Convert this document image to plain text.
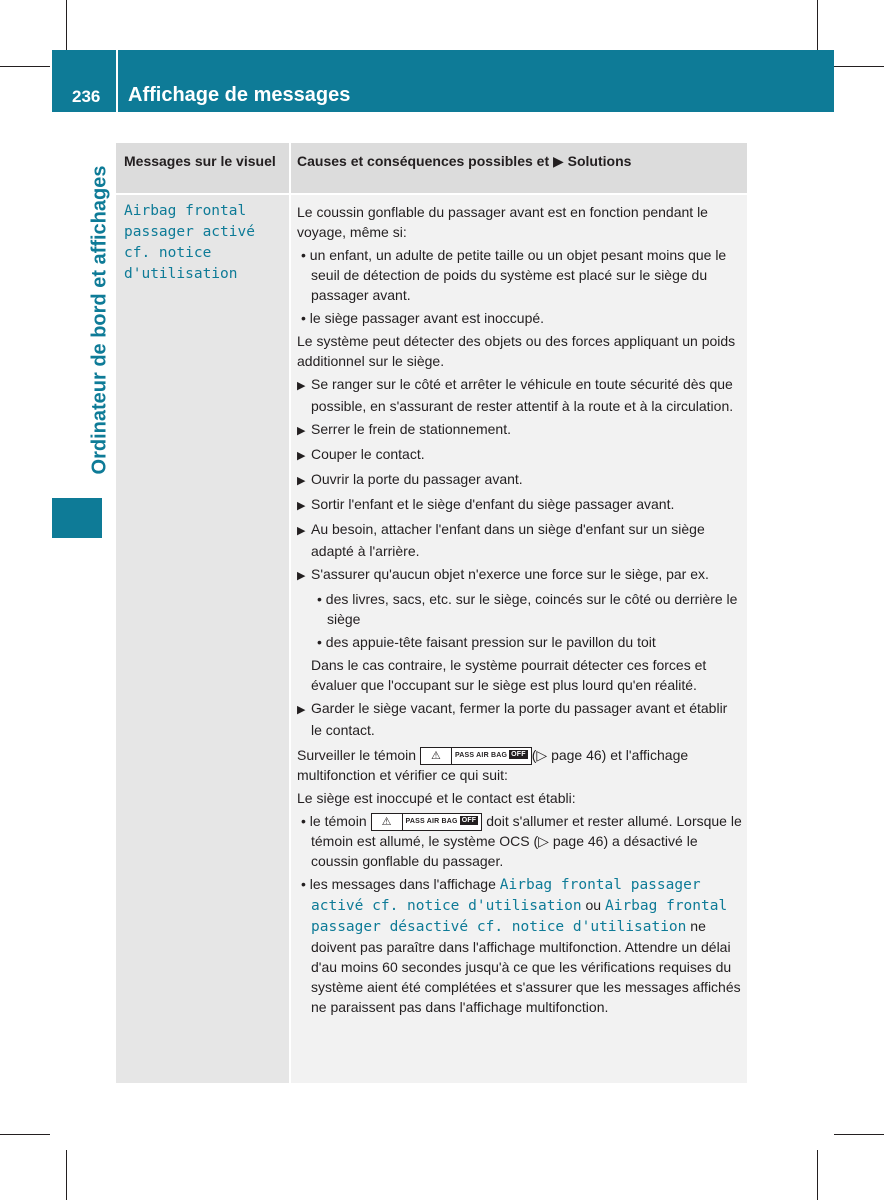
236 Affichage de messages
Ordinateur de bord et affichages
Messages sur le visuel	Causes et conséquences possibles et ▶ Solutions
Airbag frontal
passager activé
cf. notice
d'utilisation

Le coussin gonflable du passager avant est en fonction pendant le voyage, même si:

• un enfant, un adulte de petite taille ou un objet pesant moins que le seuil de détection de poids du système est placé sur le siège du passager avant.

• le siège passager avant est inoccupé.

Le système peut détecter des objets ou des forces appliquant un poids additionnel sur le siège.

▶ Se ranger sur le côté et arrêter le véhicule en toute sécurité dès que possible, en s'assurant de rester attentif à la route et à la circulation.

▶ Serrer le frein de stationnement.

▶ Couper le contact.

▶ Ouvrir la porte du passager avant.

▶ Sortir l'enfant et le siège d'enfant du siège passager avant.

▶ Au besoin, attacher l'enfant dans un siège d'enfant sur un siège adapté à l'arrière.

▶ S'assurer qu'aucun objet n'exerce une force sur le siège, par ex.

• des livres, sacs, etc. sur le siège, coincés sur le côté ou derrière le siège

• des appuie-tête faisant pression sur le pavillon du toit

Dans le cas contraire, le système pourrait détecter ces forces et évaluer que l'occupant sur le siège est plus lourd qu'en réalité.

▶ Garder le siège vacant, fermer la porte du passager avant et établir le contact.

Surveiller le témoin ⚠ PASS AIR BAG OFF (▷ page 46) et l'affichage multifonction et vérifier ce qui suit:

Le siège est inoccupé et le contact est établi:

• le témoin ⚠ PASS AIR BAG OFF doit s'allumer et rester allumé. Lorsque le témoin est allumé, le système OCS (▷ page 46) a désactivé le coussin gonflable du passager.

• les messages dans l'affichage Airbag frontal passager activé cf. notice d'utilisation ou Airbag frontal passager désactivé cf. notice d'utilisation ne doivent pas paraître dans l'affichage multifonction. Attendre un délai d'au moins 60 secondes jusqu'à ce que les vérifications requises du système aient été complétées et s'assurer que les messages affichés ne paraissent pas dans l'affichage multifonction.
